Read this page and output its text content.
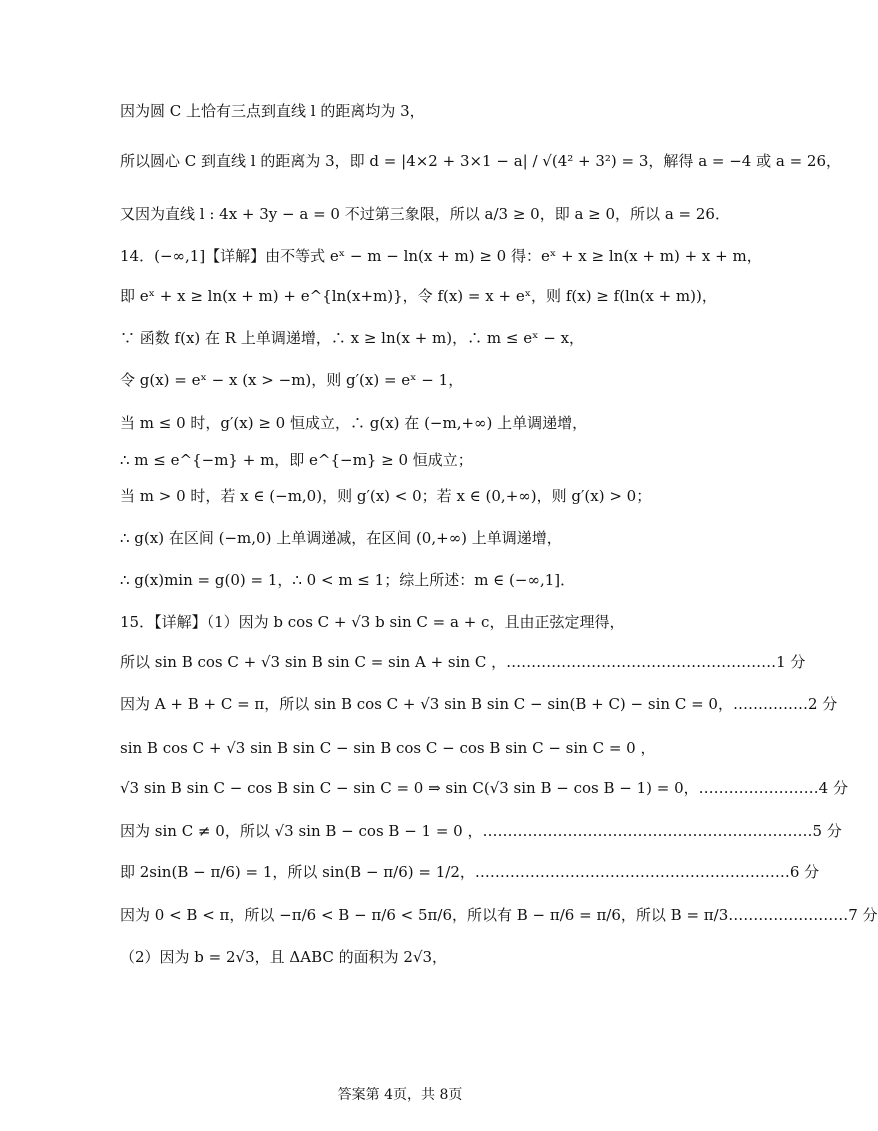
因为圆 C 上恰有三点到直线 l 的距离均为 3，
所以圆心 C 到直线 l 的距离为 3，即 d = |4×2 + 3×1 − a| / √(4² + 3²) = 3，解得 a = −4 或 a = 26，
又因为直线 l : 4x + 3y − a = 0 不过第三象限，所以 a/3 ≥ 0，即 a ≥ 0，所以 a = 26．
14．(−∞,1]【详解】由不等式 eˣ − m − ln(x + m) ≥ 0 得：eˣ + x ≥ ln(x + m) + x + m，
即 eˣ + x ≥ ln(x + m) + e^{ln(x+m)}，令 f(x) = x + eˣ，则 f(x) ≥ f(ln(x + m))，
∵ 函数 f(x) 在 R 上单调递增，∴ x ≥ ln(x + m)，∴ m ≤ eˣ − x，
令 g(x) = eˣ − x (x > −m)，则 g′(x) = eˣ − 1，
当 m ≤ 0 时，g′(x) ≥ 0 恒成立，∴ g(x) 在 (−m,+∞) 上单调递增，
∴ m ≤ e^{−m} + m，即 e^{−m} ≥ 0 恒成立；
当 m > 0 时，若 x ∈ (−m,0)，则 g′(x) < 0；若 x ∈ (0,+∞)，则 g′(x) > 0；
∴ g(x) 在区间 (−m,0) 上单调递减，在区间 (0,+∞) 上单调递增，
∴ g(x)min = g(0) = 1，∴ 0 < m ≤ 1；综上所述：m ∈ (−∞,1]．
15．【详解】（1）因为 b cos C + √3 b sin C = a + c，且由正弦定理得，
所以 sin B cos C + √3 sin B sin C = sin A + sin C ，………………………………………………1 分
因为 A + B + C = π，所以 sin B cos C + √3 sin B sin C − sin(B + C) − sin C = 0，……………2 分
sin B cos C + √3 sin B sin C − sin B cos C − cos B sin C − sin C = 0 ，
√3 sin B sin C − cos B sin C − sin C = 0 ⇒ sin C(√3 sin B − cos B − 1) = 0，……………………4 分
因为 sin C ≠ 0，所以 √3 sin B − cos B − 1 = 0 ，…………………………………………………………5 分
即 2sin(B − π/6) = 1，所以 sin(B − π/6) = 1/2，………………………………………………………6 分
因为 0 < B < π，所以 −π/6 < B − π/6 < 5π/6，所以有 B − π/6 = π/6，所以 B = π/3……………………7 分
（2）因为 b = 2√3，且 ΔABC 的面积为 2√3，
答案第 4页，共 8页
